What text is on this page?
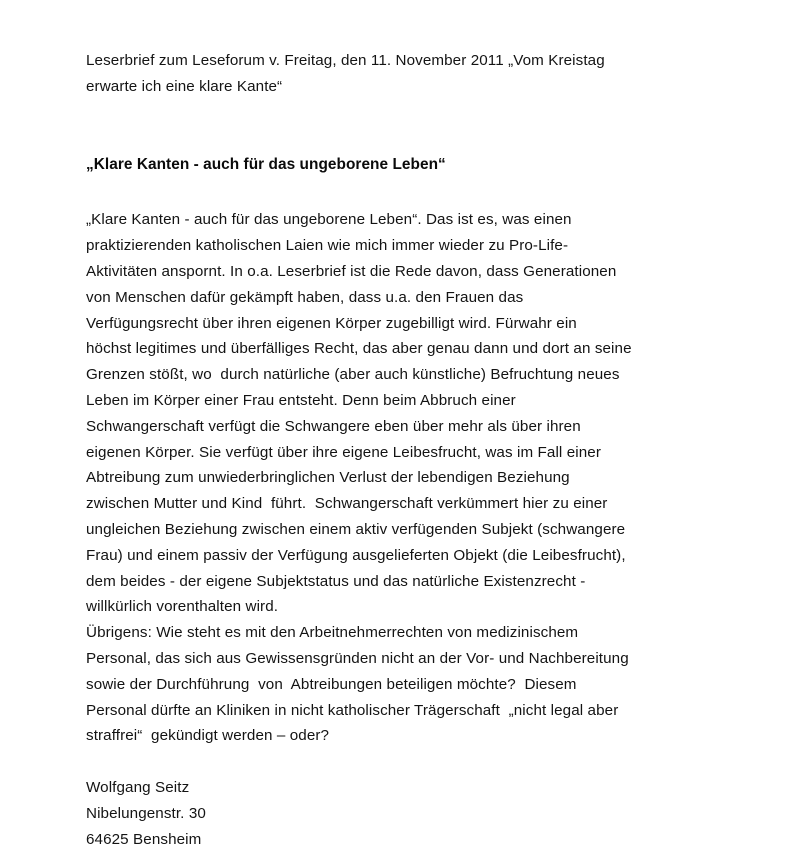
Leserbrief zum Leseforum v. Freitag, den 11. November 2011 „Vom Kreistag
erwarte ich eine klare Kante“
„Klare Kanten - auch für das ungeborene Leben“
„Klare Kanten - auch für das ungeborene Leben“. Das ist es, was einen
praktizierenden katholischen Laien wie mich immer wieder zu Pro-Life-
Aktivitäten anspornt. In o.a. Leserbrief ist die Rede davon, dass Generationen
von Menschen dafür gekämpft haben, dass u.a. den Frauen das
Verfügungsrecht über ihren eigenen Körper zugebilligt wird. Fürwahr ein
höchst legitimes und überfälliges Recht, das aber genau dann und dort an seine
Grenzen stößt, wo  durch natürliche (aber auch künstliche) Befruchtung neues
Leben im Körper einer Frau entsteht. Denn beim Abbruch einer
Schwangerschaft verfügt die Schwangere eben über mehr als über ihren
eigenen Körper. Sie verfügt über ihre eigene Leibesfrucht, was im Fall einer
Abtreibung zum unwiederbringlichen Verlust der lebendigen Beziehung
zwischen Mutter und Kind  führt.  Schwangerschaft verkümmert hier zu einer
ungleichen Beziehung zwischen einem aktiv verfügenden Subjekt (schwangere
Frau) und einem passiv der Verfügung ausgelieferten Objekt (die Leibesfrucht),
dem beides - der eigene Subjektstatus und das natürliche Existenzrecht -
willkürlich vorenthalten wird.
Übrigens: Wie steht es mit den Arbeitnehmerrechten von medizinischem
Personal, das sich aus Gewissensgründen nicht an der Vor- und Nachbereitung
sowie der Durchführung  von  Abtreibungen beteiligen möchte?  Diesem
Personal dürfte an Kliniken in nicht katholischer Trägerschaft  „nicht legal aber
straffrei“  gekündigt werden – oder?
Wolfgang Seitz
Nibelungenstr. 30
64625 Bensheim
